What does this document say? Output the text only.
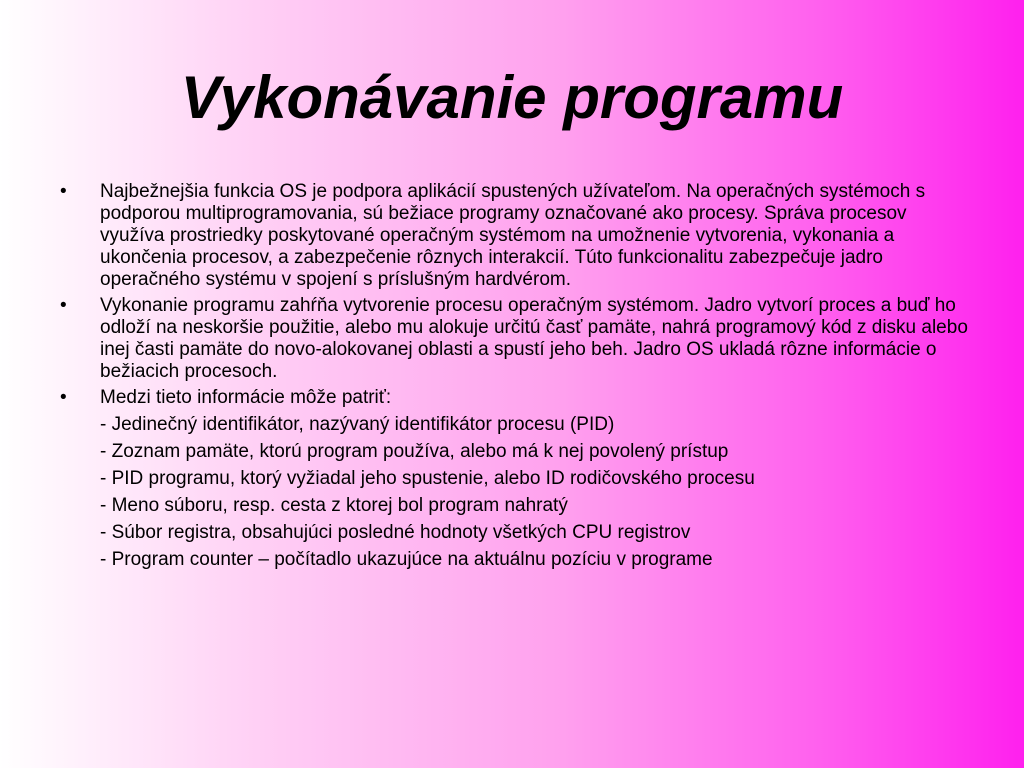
Vykonávanie programu
•	Najbežnejšia funkcia OS je podpora aplikácií spustených užívateľom. Na operačných systémoch s podporou multiprogramovania, sú bežiace programy označované ako procesy. Správa procesov využíva prostriedky poskytované operačným systémom na umožnenie vytvorenia, vykonania a ukončenia procesov, a zabezpečenie rôznych interakcií. Túto funkcionalitu zabezpečuje jadro operačného systému v spojení s príslušným hardvérom.
•	Vykonanie programu zahŕňa vytvorenie procesu operačným systémom. Jadro vytvorí proces a buď ho odloží na neskoršie použitie, alebo mu alokuje určitú časť pamäte, nahrá programový kód z disku alebo inej časti pamäte do novo-alokovanej oblasti a spustí jeho beh. Jadro OS ukladá rôzne informácie o bežiacich procesoch.
•	Medzi tieto informácie môže patriť:
- Jedinečný identifikátor, nazývaný identifikátor procesu (PID)
- Zoznam pamäte, ktorú program používa, alebo má k nej povolený prístup
- PID programu, ktorý vyžiadal jeho spustenie, alebo ID rodičovského procesu
- Meno súboru, resp. cesta z ktorej bol program nahratý
- Súbor registra, obsahujúci posledné hodnoty všetkých CPU registrov
- Program counter – počítadlo ukazujúce na aktuálnu pozíciu v programe
